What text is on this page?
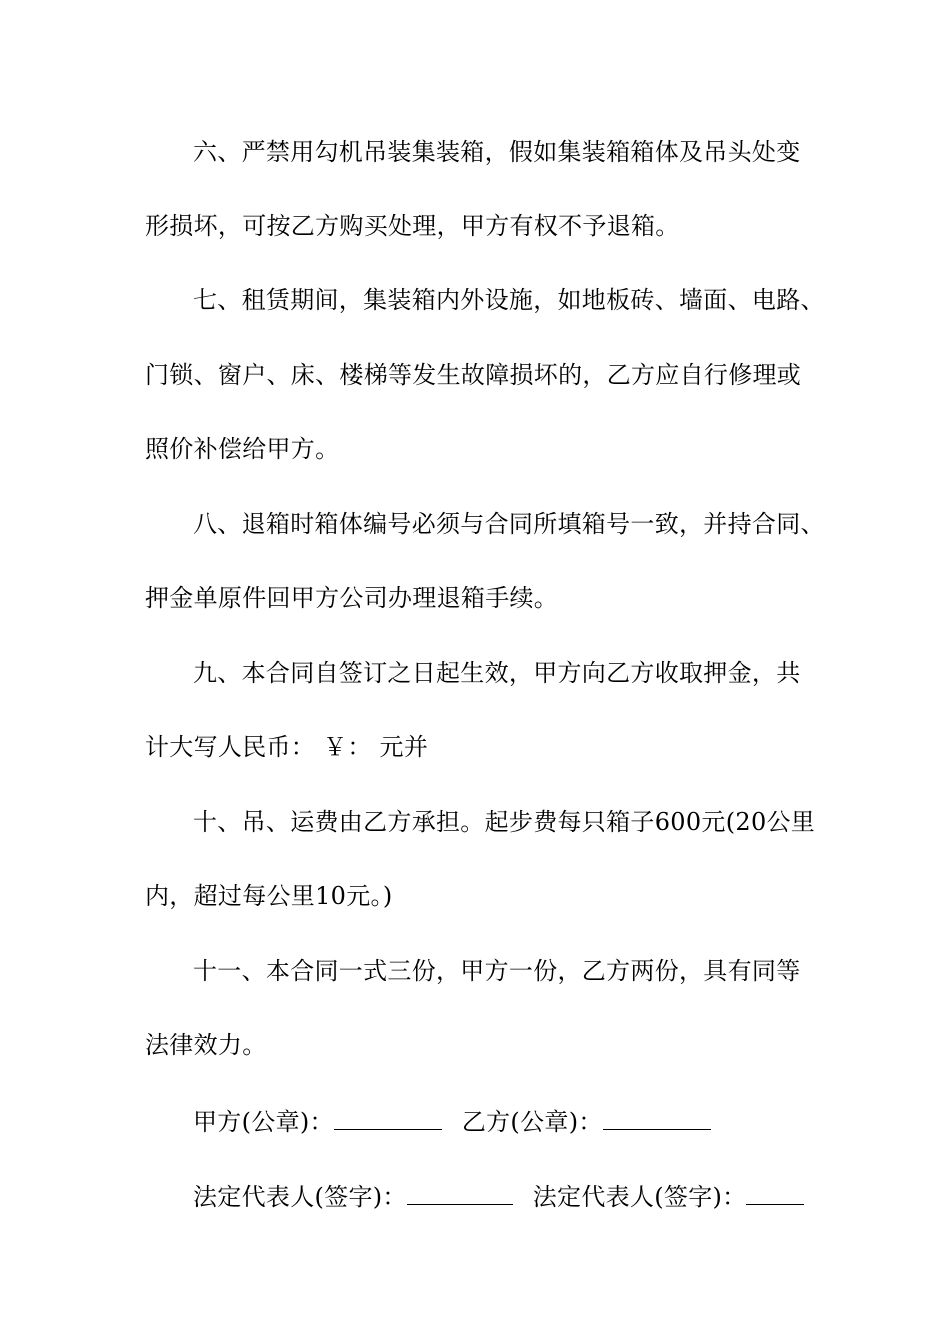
六、严禁用勾机吊装集装箱，假如集装箱箱体及吊头处变
形损坏，可按乙方购买处理，甲方有权不予退箱。
七、租赁期间，集装箱内外设施，如地板砖、墙面、电路、
门锁、窗户、床、楼梯等发生故障损坏的，乙方应自行修理或
照价补偿给甲方。
八、退箱时箱体编号必须与合同所填箱号一致，并持合同、
押金单原件回甲方公司办理退箱手续。
九、本合同自签订之日起生效，甲方向乙方收取押金，共
计大写人民币： ￥： 元并
十、吊、运费由乙方承担。起步费每只箱子600元(20公里
内，超过每公里10元。)
十一、本合同一式三份，甲方一份，乙方两份，具有同等
法律效力。
甲方(公章)：	乙方(公章)：
法定代表人(签字)：	法定代表人(签字)：
